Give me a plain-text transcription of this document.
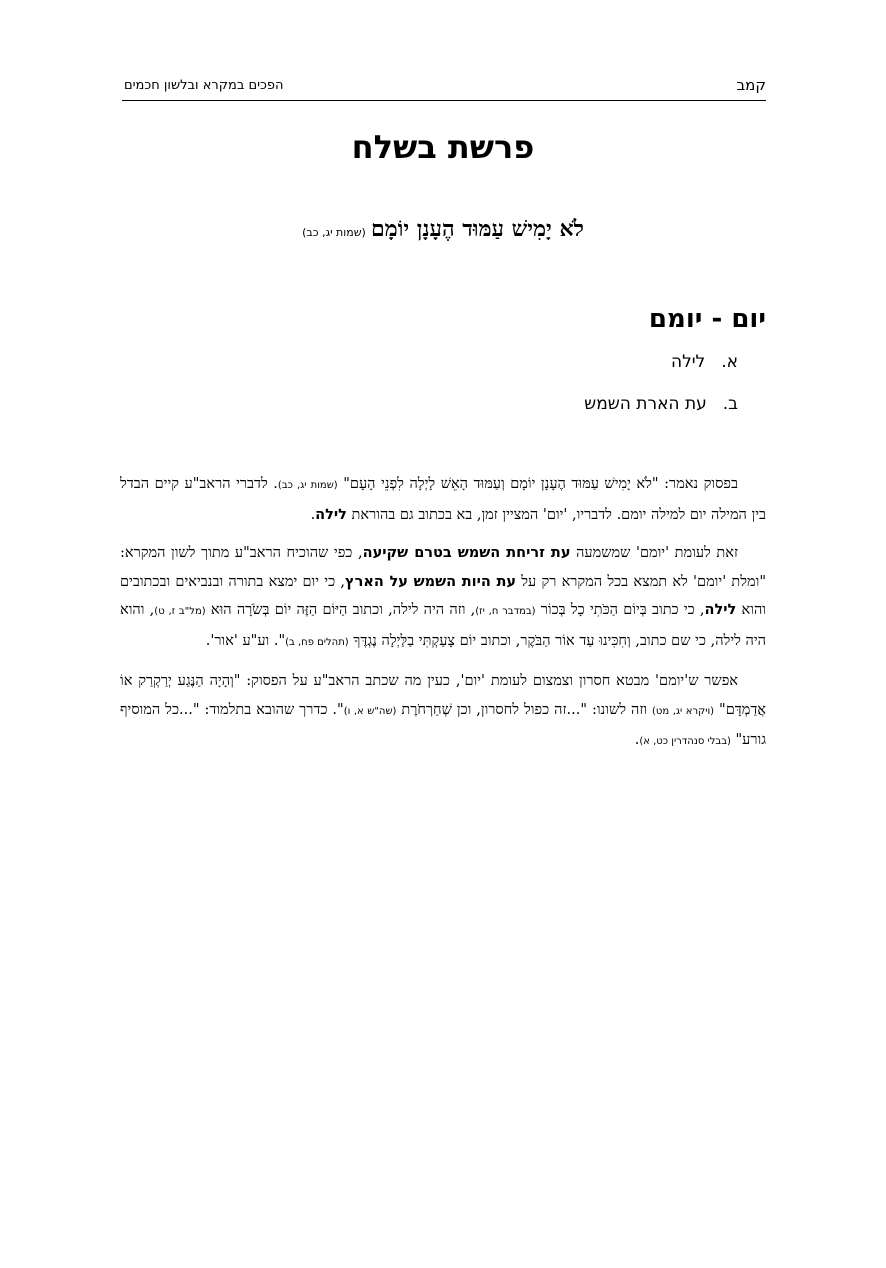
קמב
הפכים במקרא ובלשון חכמים
פרשת בשלח
לֹא יָמִישׁ עַמּוּד הֶעָנָן יוֹמָם (שמות יג, כב)
יום - יומם
א.לילה
ב.עת הארת השמש

בפסוק נאמר: "לֹא יָמִישׁ עַמּוּד הֶעָנָן יוֹמָם וְעַמּוּד הָאֵשׁ לָיְלָה לִפְנֵי הָעָם" (שמות יג, כב). לדברי הראב"ע קיים הבדל בין המילה יום למילה יומם. לדבריו, 'יום' המציין זמן, בא בכתוב גם בהוראת לילה.

זאת לעומת 'יומם' שמשמעה עת זריחת השמש בטרם שקיעה, כפי שהוכיח הראב"ע מתוך לשון המקרא: "ומלת 'יומם' לא תמצא בכל המקרא רק על עת היות השמש על הארץ, כי יום ימצא בתורה ובנביאים ובכתובים והוא לילה, כי כתוב בְּיוֹם הַכֹּתִי כָל בְּכוֹר (במדבר ח, יז), וזה היה לילה, וכתוב הַיּוֹם הַזֶּה יוֹם בְּשֹׂרָה הוּא (מל"ב ז, ט), והוא היה לילה, כי שם כתוב, וְחִכִּינוּ עַד אוֹר הַבֹּקֶר, וכתוב יוֹם צָעַקְתִּי בַלַּיְלָה נֶגְדֶּךָ (תהלים פח, ב)". וע"ע 'אור'.

אפשר ש'יומם' מבטא חסרון וצמצום לעומת 'יום', כעין מה שכתב הראב"ע על הפסוק: "וְהָיָה הַנֶּגַע יְרַקְרַק אוֹ אֲדַמְדָּם" (ויקרא יג, מט) וזה לשונו: "...זה כפול לחסרון, וכן שְׁחַרְחֹרֶת (שה"ש א, ו)". כדרך שהובא בתלמוד: "...כל המוסיף גורע" (בבלי סנהדרין כט, א).
